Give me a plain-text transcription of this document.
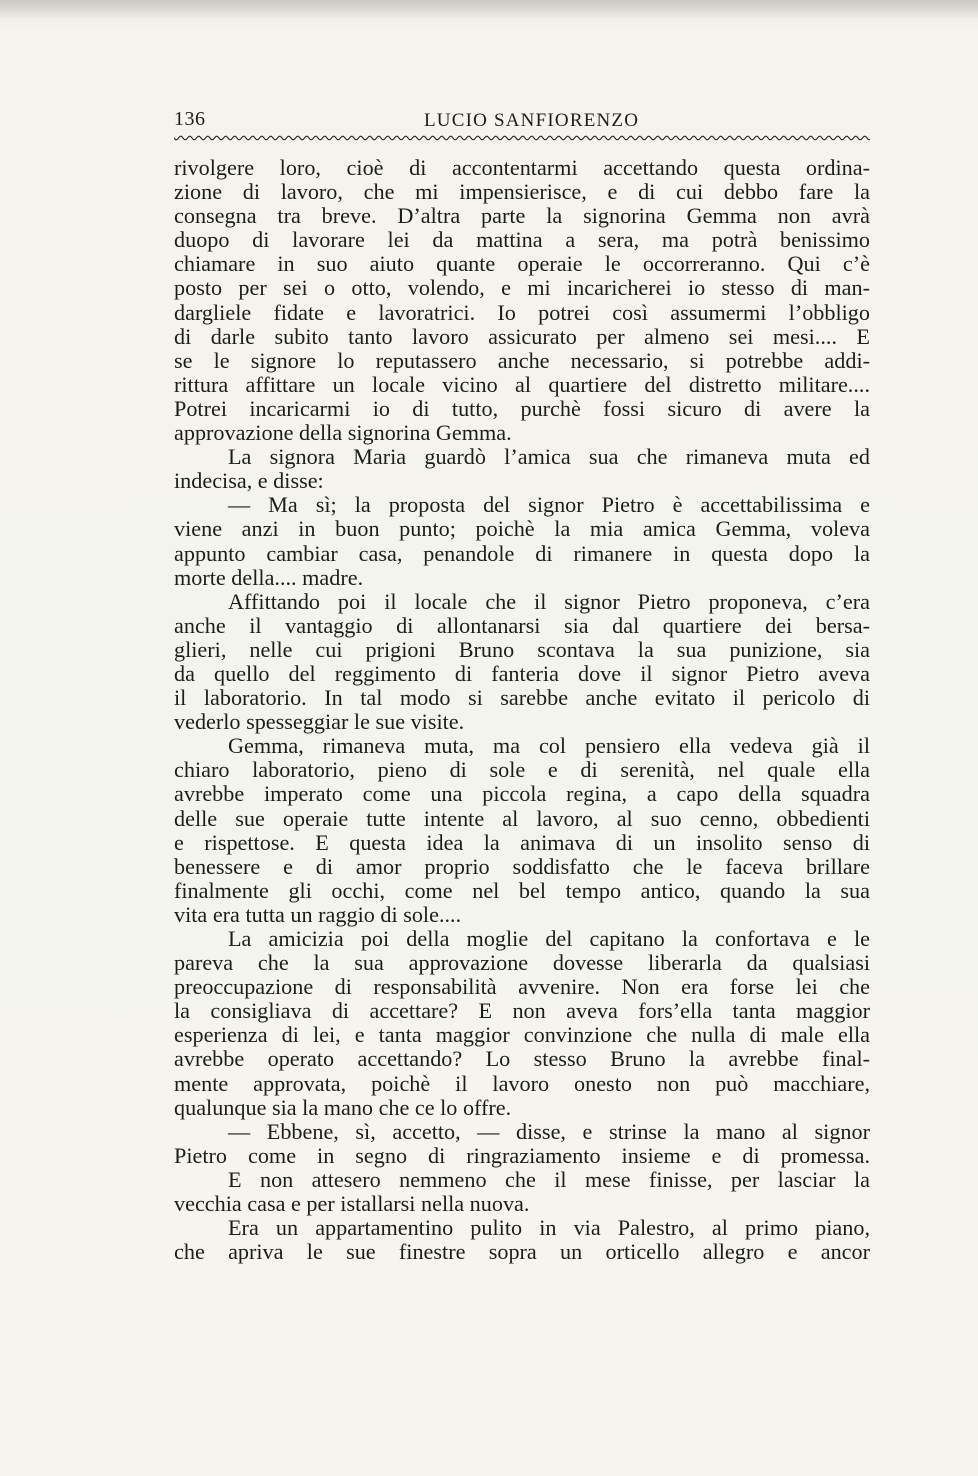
136	LUCIO SANFIORENZO
rivolgere loro, cioè di accontentarmi accettando questa ordina-
zione di lavoro, che mi impensierisce, e di cui debbo fare la
consegna tra breve. D’altra parte la signorina Gemma non avrà
duopo di lavorare lei da mattina a sera, ma potrà benissimo
chiamare in suo aiuto quante operaie le occorreranno. Qui c’è
posto per sei o otto, volendo, e mi incaricherei io stesso di man-
dargliele fidate e lavoratrici. Io potrei così assumermi l’obbligo
di darle subito tanto lavoro assicurato per almeno sei mesi.... E
se le signore lo reputassero anche necessario, si potrebbe addi-
rittura affittare un locale vicino al quartiere del distretto militare....
Potrei incaricarmi io di tutto, purchè fossi sicuro di avere la
approvazione della signorina Gemma.
La signora Maria guardò l’amica sua che rimaneva muta ed
indecisa, e disse:
— Ma sì; la proposta del signor Pietro è accettabilissima e
viene anzi in buon punto; poichè la mia amica Gemma, voleva
appunto cambiar casa, penandole di rimanere in questa dopo la
morte della.... madre.
Affittando poi il locale che il signor Pietro proponeva, c’era
anche il vantaggio di allontanarsi sia dal quartiere dei bersa-
glieri, nelle cui prigioni Bruno scontava la sua punizione, sia
da quello del reggimento di fanteria dove il signor Pietro aveva
il laboratorio. In tal modo si sarebbe anche evitato il pericolo di
vederlo spesseggiar le sue visite.
Gemma, rimaneva muta, ma col pensiero ella vedeva già il
chiaro laboratorio, pieno di sole e di serenità, nel quale ella
avrebbe imperato come una piccola regina, a capo della squadra
delle sue operaie tutte intente al lavoro, al suo cenno, obbedienti
e rispettose. E questa idea la animava di un insolito senso di
benessere e di amor proprio soddisfatto che le faceva brillare
finalmente gli occhi, come nel bel tempo antico, quando la sua
vita era tutta un raggio di sole....
La amicizia poi della moglie del capitano la confortava e le
pareva che la sua approvazione dovesse liberarla da qualsiasi
preoccupazione di responsabilità avvenire. Non era forse lei che
la consigliava di accettare? E non aveva fors’ella tanta maggior
esperienza di lei, e tanta maggior convinzione che nulla di male ella
avrebbe operato accettando? Lo stesso Bruno la avrebbe final-
mente approvata, poichè il lavoro onesto non può macchiare,
qualunque sia la mano che ce lo offre.
— Ebbene, sì, accetto, — disse, e strinse la mano al signor
Pietro come in segno di ringraziamento insieme e di promessa.
E non attesero nemmeno che il mese finisse, per lasciar la
vecchia casa e per istallarsi nella nuova.
Era un appartamentino pulito in via Palestro, al primo piano,
che apriva le sue finestre sopra un orticello allegro e ancor
